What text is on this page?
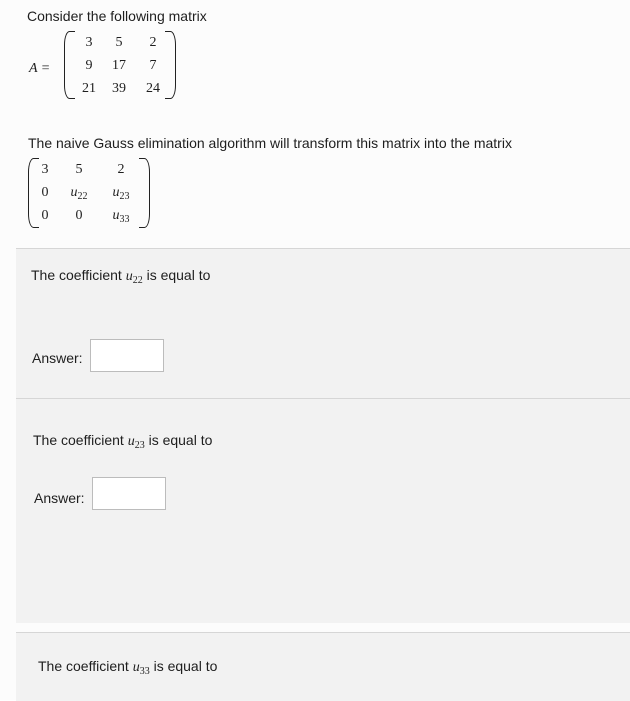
Consider the following matrix
A =
3	5	2
9	17	7
21	39	24
The naive Gauss elimination algorithm will transform this matrix into the matrix
3	5	2
0	$u_{22}$	$u_{23}$
0	0	$u_{33}$
The coefficient $u_{22}$ is equal to
Answer:
The coefficient $u_{23}$ is equal to
Answer:
The coefficient $u_{33}$ is equal to
